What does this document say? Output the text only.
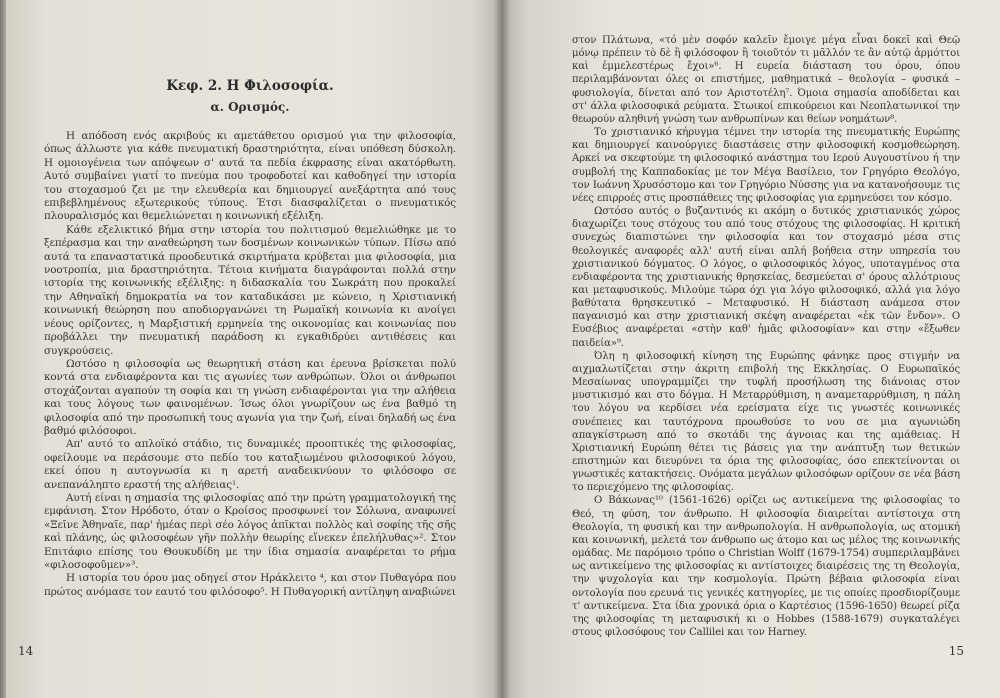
Κεφ. 2. Η Φιλοσοφία.
α. Ορισμός.

Η απόδοση ενός ακριβούς κι αμετάθετου ορισμού για την φιλοσοφία, όπως άλλωστε για κάθε πνευματική δραστηριότητα, είναι υπόθεση δύσκολη. Η ομοιογένεια των απόψεων σ' αυτά τα πεδία έκφρασης είναι ακατόρθωτη. Αυτό συμβαίνει γιατί το πνεύμα που τροφοδοτεί και καθοδηγεί την ιστορία του στοχασμού ζει με την ελευθερία και δημιουργεί ανεξάρτητα από τους επιβεβλημένους εξωτερικούς τύπους. Έτσι διασφαλίζεται ο πνευματικός πλουραλισμός και θεμελιώνεται η κοινωνική εξέλιξη.

Κάθε εξελικτικό βήμα στην ιστορία του πολιτισμού θεμελιώθηκε με το ξεπέρασμα και την αναθεώρηση των δοσμένων κοινωνικών τύπων. Πίσω από αυτά τα επαναστατικά προοδευτικά σκιρτήματα κρύβεται μια φιλοσοφία, μια νοοτροπία, μια δραστηριότητα. Τέτοια κινήματα διαγράφονται πολλά στην ιστορία της κοινωνικής εξέλιξης: η διδασκαλία του Σωκράτη που προκαλεί την Αθηναϊκή δημοκρατία να τον καταδικάσει με κώνειο, η Χριστιανική κοινωνική θεώρηση που αποδιοργανώνει τη Ρωμαϊκή κοινωνία κι ανοίγει νέους ορίζοντες, η Μαρξιστική ερμηνεία της οικονομίας και κοινωνίας που προβάλλει την πνευματική παράδοση κι εγκαθιδρύει αντιθέσεις και συγκρούσεις.

Ωστόσο η φιλοσοφία ως θεωρητική στάση και έρευνα βρίσκεται πολύ κοντά στα ενδιαφέροντα και τις αγωνίες των ανθρώπων. Όλοι οι άνθρωποι στοχάζονται αγαπούν τη σοφία και τη γνώση ενδιαφέρονται για την αλήθεια και τους λόγους των φαινομένων. Ίσως όλοι γνωρίζουν ως ένα βαθμό τη φιλοσοφία από την προσωπική τους αγωνία για την ζωή, είναι δηλαδή ως ένα βαθμό φιλόσοφοι.

Απ' αυτό το απλοϊκό στάδιο, τις δυναμικές προοπτικές της φιλοσοφίας, οφείλουμε να περάσουμε στο πεδίο του καταξιωμένου φιλοσοφικού λόγου, εκεί όπου η αυτογνωσία κι η αρετή αναδεικνύουν το φιλόσοφο σε ανεπανάληπτο εραστή της αλήθειας¹.

Αυτή είναι η σημασία της φιλοσοφίας από την πρώτη γραμματολογική της εμφάνιση. Στον Ηρόδοτο, όταν ο Κροίσος προσφωνεί τον Σόλωνα, αναφωνεί «Ξεῖνε Ἀθηναῖε, παρ' ἡμέας περὶ σέο λόγος ἀπῖκται πολλὸς καὶ σοφίης τῆς σῆς καὶ πλάνης, ὡς φιλοσοφέων γῆν πολλὴν θεωρίης εἵνεκεν ἐπελήλυθας»². Στον Επιτάφιο επίσης του Θουκυδίδη με την ίδια σημασία αναφέρεται το ρήμα «φιλοσοφοῦμεν»³.

Η ιστορία του όρου μας οδηγεί στον Ηράκλειτο ⁴, και στον Πυθαγόρα που πρώτος ανόμασε τον εαυτό του φιλόσοφο⁵. Η Πυθαγορική αντίληψη αναβιώνει

14

στον Πλάτωνα, «τό μὲν σοφόν καλεῖν ἔμοιγε μέγα εἶναι δοκεῖ καὶ Θεῷ μόνῳ πρέπειν τὸ δὲ ἢ φιλόσοφον ἢ τοιοῦτόν τι μᾶλλόν τε ἂν αὐτῷ ἁρμόττοι καὶ ἐμμελεστέρως ἔχοι»⁶. Η ευρεία διάσταση του όρου, όπου περιλαμβάνονται όλες οι επιστήμες, μαθηματικά – θεολογία – φυσικά – φυσιολογία, δίνεται από τον Αριστοτέλη⁷. Όμοια σημασία αποδίδεται και στ' άλλα φιλοσοφικά ρεύματα. Στωικοί επικούρειοι και Νεοπλατωνικοί την θεωρούν αληθινή γνώση των ανθρωπίνων και θείων νοημάτων⁸.

Το χριστιανικό κήρυγμα τέμνει την ιστορία της πνευματικής Ευρώπης και δημιουργεί καινούργιες διαστάσεις στην φιλοσοφική κοσμοθεώρηση. Αρκεί να σκεφτούμε τη φιλοσοφικό ανάστημα του Ιερού Αυγουστίνου ή την συμβολή της Καππαδοκίας με τον Μέγα Βασίλειο, τον Γρηγόριο Θεολόγο, τον Ιωάννη Χρυσόστομο και τον Γρηγόριο Νύσσης για να κατανοήσουμε τις νέες επιρροές στις προσπάθειες της φιλοσοφίας για ερμηνεύσει τον κόσμο.

Ωστόσο αυτός ο βυζαντινός κι ακόμη ο δυτικός χριστιανικός χώρος διαχωρίζει τους στόχους του από τους στόχους της φιλοσοφίας. Η κριτική συνεχώς διαπιστώνει την φιλοσοφία και τον στοχασμό μέσα στις θεολογικές αναφορές αλλ' αυτή είναι απλή βοήθεια στην υπηρεσία του χριστιανικού δόγματος. Ο λόγος, ο φιλοσοφικός λόγος, υποταγμένος στα ενδιαφέροντα της χριστιανικής θρησκείας, δεσμεύεται σ' όρους αλλότριους και μεταφυσικούς. Μιλούμε τώρα όχι για λόγο φιλοσοφικό, αλλά για λόγο βαθύτατα θρησκευτικό – Μεταφυσικό. Η διάσταση ανάμεσα στον παγανισμό και στην χριστιανική σκέψη αναφέρεται «ἐκ τῶν ἔνδον». Ο Ευσέβιος αναφέρεται «στὴν καθ' ἡμᾶς φιλοσοφίαν» και στην «ἔξωθεν παιδεία»⁹.

Όλη η φιλοσοφική κίνηση της Ευρώπης φάνηκε προς στιγμήν να αιχμαλωτίζεται στην άκριτη επιβολή της Εκκλησίας. Ο Ευρωπαϊκός Μεσαίωνας υπογραμμίζει την τυφλή προσήλωση της διάνοιας στον μυστικισμό και στο δόγμα. Η Μεταρρύθμιση, η αναμεταρρύθμιση, η πάλη του λόγου να κερδίσει νέα ερείσματα είχε τις γνωστές κοινωνικές συνέπειες και ταυτόχρονα προωθούσε το νου σε μια αγωνιώδη απαγκίστρωση από το σκοτάδι της άγνοιας και της αμάθειας. Η Χριστιανική Ευρώπη θέτει τις βάσεις για την ανάπτυξη των θετικών επιστημών και διευρύνει τα όρια της φιλοσοφίας, όσο επεκτείνονται οι γνωστικές κατακτήσεις. Ονόματα μεγάλων φιλοσόφων ορίζουν σε νέα βάση το περιεχόμενο της φιλοσοφίας.

Ο Βάκωνας¹⁰ (1561-1626) ορίζει ως αντικείμενα της φιλοσοφίας το Θεό, τη φύση, τον άνθρωπο. Η φιλοσοφία διαιρείται αντίστοιχα στη Θεολογία, τη φυσική και την ανθρωπολογία. Η ανθρωπολογία, ως ατομική και κοινωνική, μελετά τον άνθρωπο ως άτομο και ως μέλος της κοινωνικής ομάδας. Με παρόμοιο τρόπο ο Christian Wolff (1679-1754) συμπεριλαμβάνει ως αντικείμενο της φιλοσοφίας κι αντίστοιχες διαιρέσεις της τη Θεολογία, την ψυχολογία και την κοσμολογία. Πρώτη βέβαια φιλοσοφία είναι οντολογία που ερευνά τις γενικές κατηγορίες, με τις οποίες προσδιορίζουμε τ' αντικείμενα. Στα ίδια χρονικά όρια ο Καρτέσιος (1596-1650) θεωρεί ρίζα της φιλοσοφίας τη μεταφυσική κι ο Hobbes (1588-1679) συγκαταλέγει στους φιλοσόφους τον Callilei και τον Harney.

15
